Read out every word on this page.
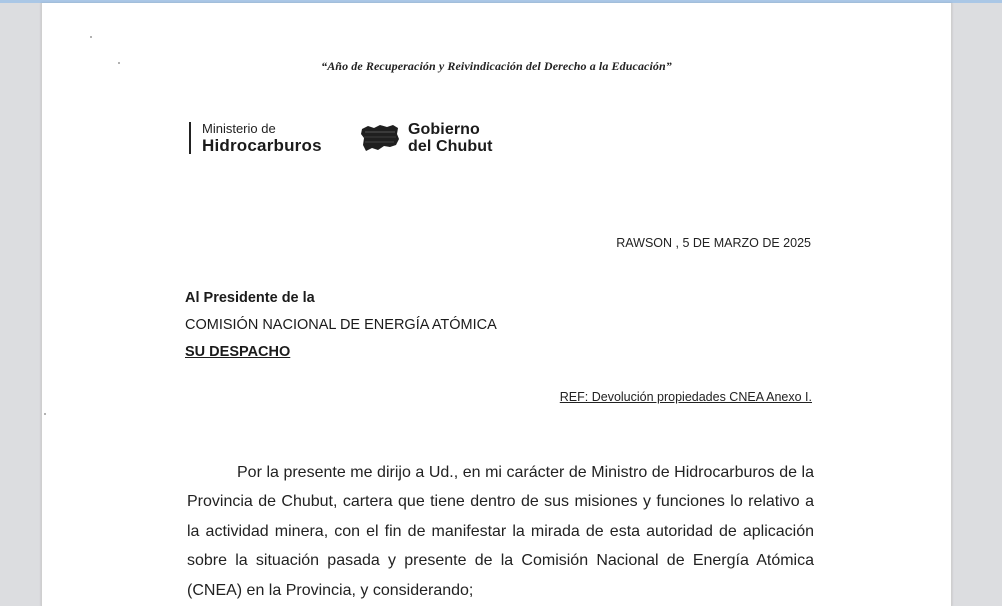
“Año de Recuperación y Reivindicación del Derecho a la Educación”
Ministerio de
Hidrocarburos
Gobierno
del Chubut
RAWSON , 5 DE MARZO DE 2025
Al Presidente de la
COMISIÓN NACIONAL DE ENERGÍA ATÓMICA
SU DESPACHO
REF: Devolución propiedades CNEA Anexo I.
Por la presente me dirijo a Ud., en mi carácter de Ministro de Hidrocarburos de la Provincia de Chubut, cartera que tiene dentro de sus misiones y funciones lo relativo a la actividad minera, con el fin de manifestar la mirada de esta autoridad de aplicación sobre la situación pasada y presente de la Comisión Nacional de Energía Atómica (CNEA) en la Provincia, y considerando;
